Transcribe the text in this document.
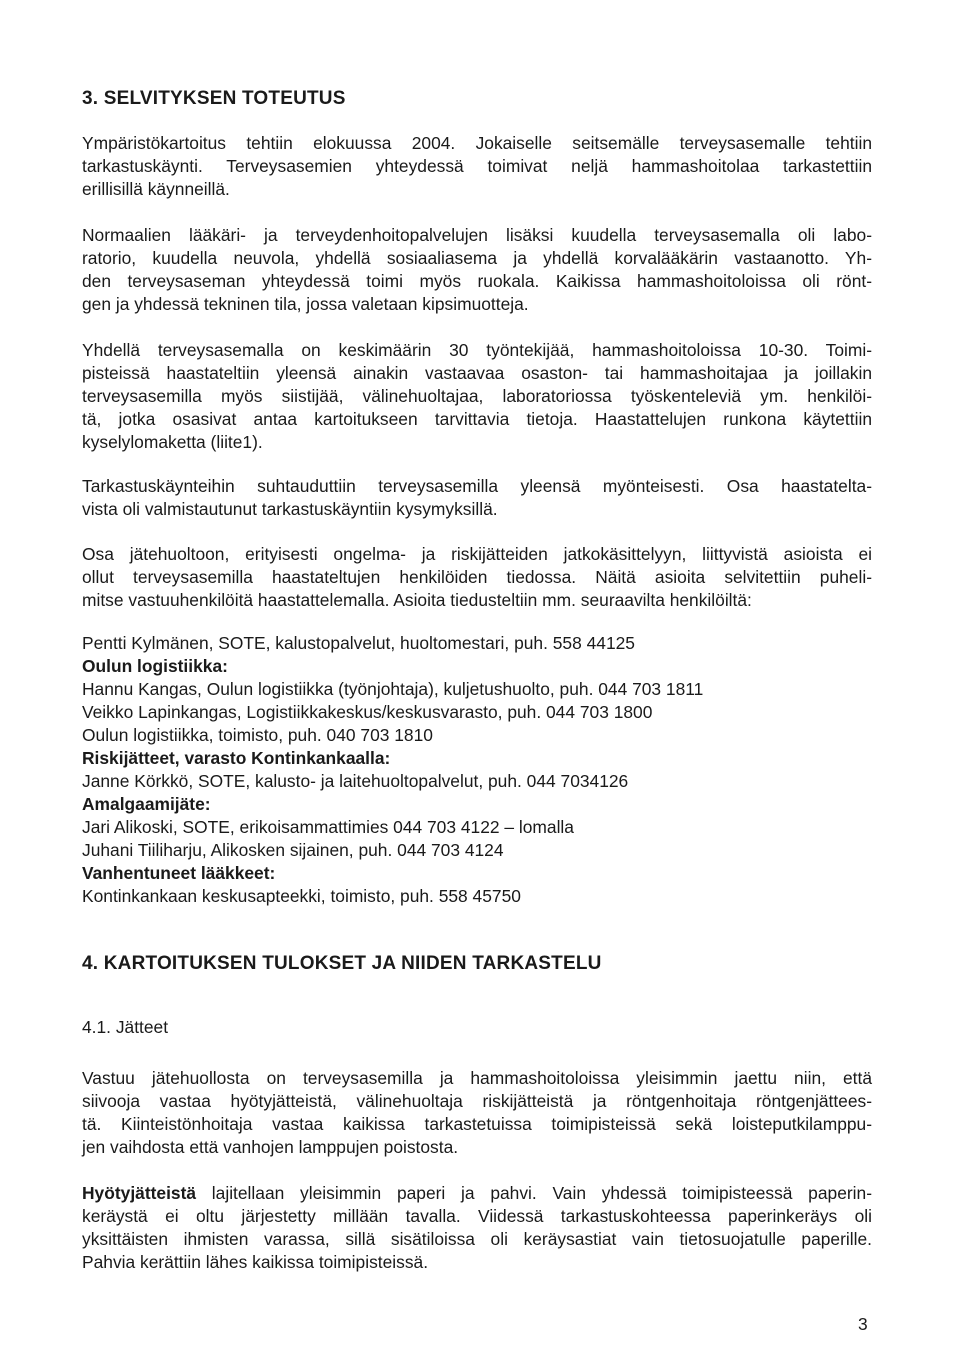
3. SELVITYKSEN TOTEUTUS
Ympäristökartoitus tehtiin elokuussa 2004. Jokaiselle seitsemälle terveysasemalle tehtiin
tarkastuskäynti. Terveysasemien yhteydessä toimivat neljä hammashoitolaa tarkastettiin
erillisillä käynneillä.
Normaalien lääkäri- ja terveydenhoitopalvelujen lisäksi kuudella terveysasemalla oli labo-
ratorio, kuudella neuvola, yhdellä sosiaaliasema ja yhdellä korvalääkärin vastaanotto. Yh-
den terveysaseman yhteydessä toimi myös ruokala. Kaikissa hammashoitoloissa oli rönt-
gen ja yhdessä tekninen tila, jossa valetaan kipsimuotteja.
Yhdellä terveysasemalla on keskimäärin 30 työntekijää, hammashoitoloissa 10-30. Toimi-
pisteissä haastateltiin yleensä ainakin vastaavaa osaston- tai hammashoitajaa ja joillakin
terveysasemilla myös siistijää, välinehuoltajaa, laboratoriossa työskenteleviä ym. henkilöi-
tä, jotka osasivat antaa kartoitukseen tarvittavia tietoja. Haastattelujen runkona käytettiin
kyselylomaketta (liite1).
Tarkastuskäynteihin suhtauduttiin terveysasemilla yleensä myönteisesti. Osa haastatelta-
vista oli valmistautunut tarkastuskäyntiin kysymyksillä.
Osa jätehuoltoon, erityisesti ongelma- ja riskijätteiden jatkokäsittelyyn, liittyvistä asioista ei
ollut terveysasemilla haastateltujen henkilöiden tiedossa. Näitä asioita selvitettiin puheli-
mitse vastuuhenkilöitä haastattelemalla. Asioita tiedusteltiin mm. seuraavilta henkilöiltä:
Pentti Kylmänen, SOTE, kalustopalvelut, huoltomestari, puh. 558 44125
Oulun logistiikka:
Hannu Kangas, Oulun logistiikka (työnjohtaja), kuljetushuolto, puh. 044 703 1811
Veikko Lapinkangas, Logistiikkakeskus/keskusvarasto, puh. 044 703 1800
Oulun logistiikka, toimisto, puh. 040 703 1810
Riskijätteet, varasto Kontinkankaalla:
Janne Körkkö, SOTE, kalusto- ja laitehuoltopalvelut, puh. 044 7034126
Amalgaamijäte:
Jari Alikoski, SOTE, erikoisammattimies 044 703 4122 – lomalla
Juhani Tiiliharju, Alikosken sijainen, puh. 044 703 4124
Vanhentuneet lääkkeet:
Kontinkankaan keskusapteekki, toimisto, puh. 558 45750
4. KARTOITUKSEN TULOKSET JA NIIDEN TARKASTELU
4.1. Jätteet
Vastuu jätehuollosta on terveysasemilla ja hammashoitoloissa yleisimmin jaettu niin, että
siivooja vastaa hyötyjätteistä, välinehuoltaja riskijätteistä ja röntgenhoitaja röntgenjättees-
tä. Kiinteistönhoitaja vastaa kaikissa tarkastetuissa toimipisteissä sekä loisteputkilamppu-
jen vaihdosta että vanhojen lamppujen poistosta.
Hyötyjätteistä lajitellaan yleisimmin paperi ja pahvi. Vain yhdessä toimipisteessä paperin-
keräystä ei oltu järjestetty millään tavalla. Viidessä tarkastuskohteessa paperinkeräys oli
yksittäisten ihmisten varassa, sillä sisätiloissa oli keräysastiat vain tietosuojatulle paperille.
Pahvia kerättiin lähes kaikissa toimipisteissä.
3
